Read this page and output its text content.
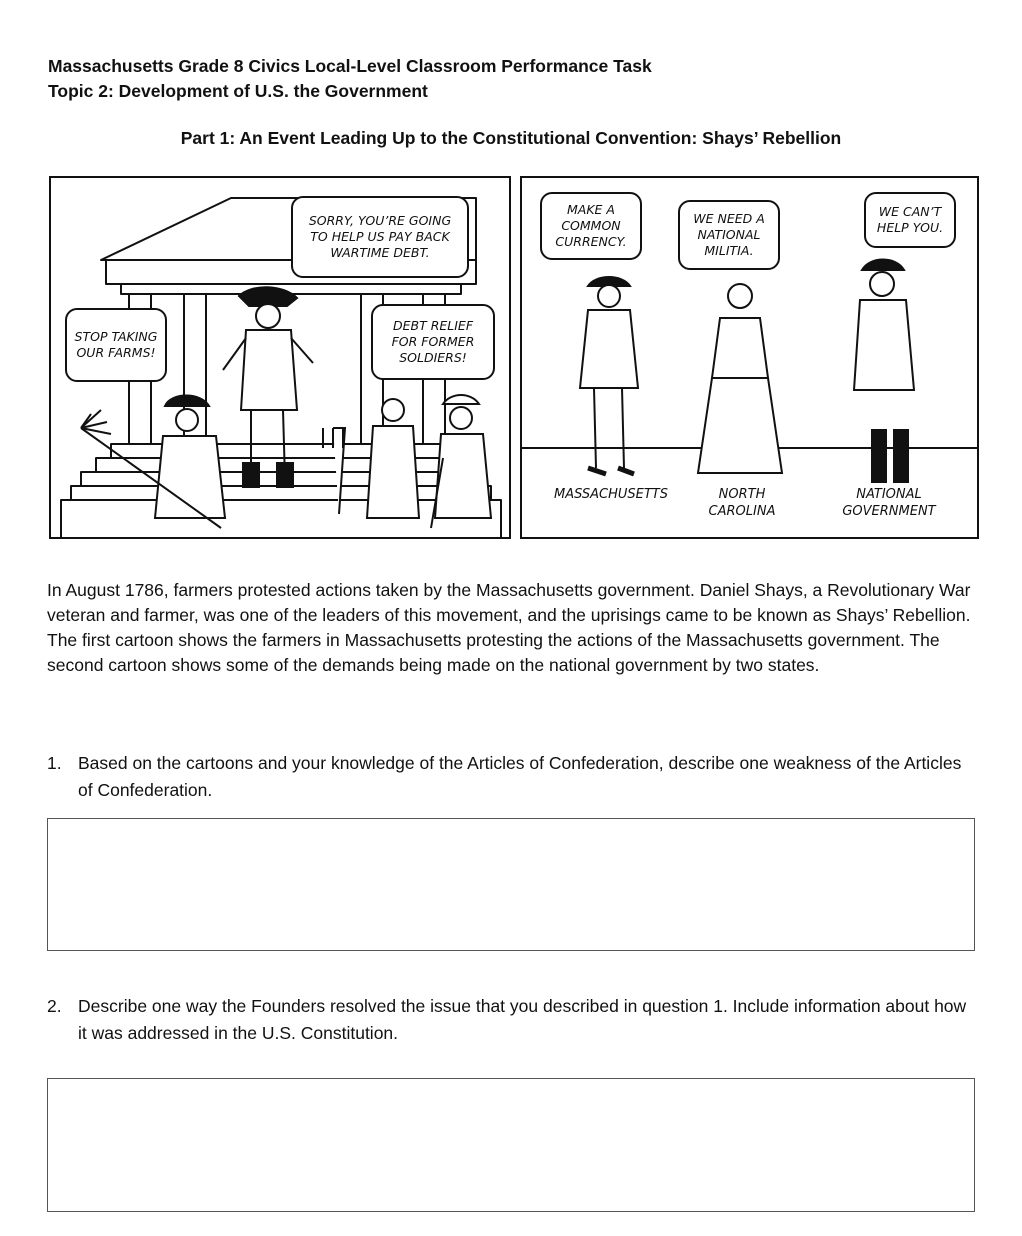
Massachusetts Grade 8 Civics Local-Level Classroom Performance Task
Topic 2: Development of U.S. the Government
Part 1: An Event Leading Up to the Constitutional Convention: Shays’ Rebellion
STOP TAKING OUR FARMS!
SORRY, YOU’RE GOING TO HELP US PAY BACK WARTIME DEBT.
DEBT RELIEF FOR FORMER SOLDIERS!
MAKE A COMMON CURRENCY.
WE NEED A NATIONAL MILITIA.
WE CAN’T HELP YOU.
MASSACHUSETTS	NORTH CAROLINA
NATIONAL GOVERNMENT

In August 1786, farmers protested actions taken by the Massachusetts government. Daniel Shays, a Revolutionary War veteran and farmer, was one of the leaders of this movement, and the uprisings came to be known as Shays’ Rebellion. The first cartoon shows the farmers in Massachusetts protesting the actions of the Massachusetts government. The second cartoon shows some of the demands being made on the national government by two states.

1. Based on the cartoons and your knowledge of the Articles of Confederation, describe one weakness of the Articles of Confederation.
2. Describe one way the Founders resolved the issue that you described in question 1. Include information about how it was addressed in the U.S. Constitution.
